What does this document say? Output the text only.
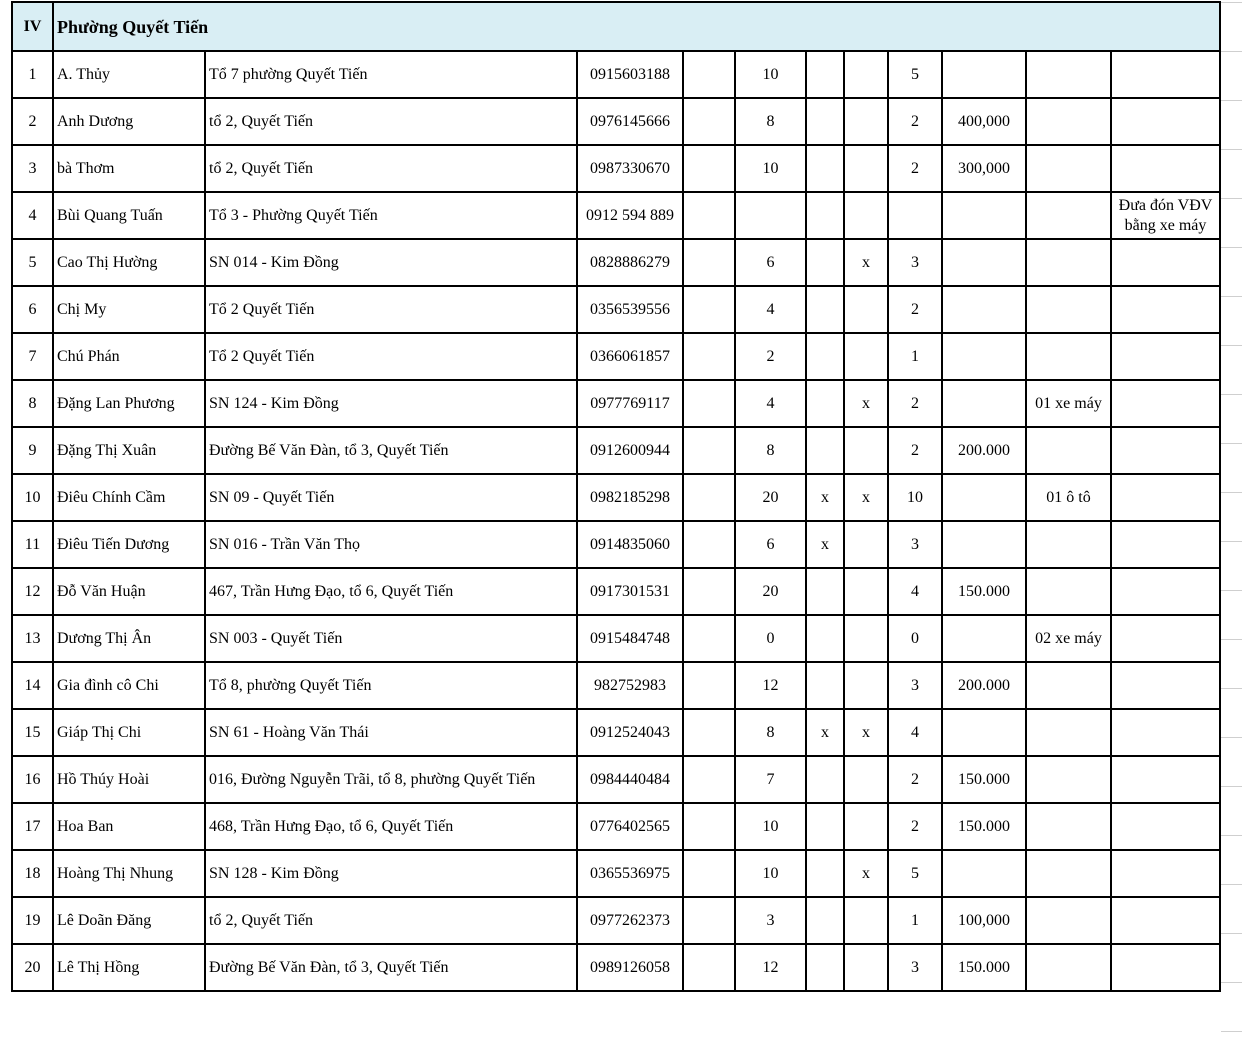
IV	Phường Quyết Tiến										
1	A. Thủy	Tổ 7 phường Quyết Tiến	0915603188		10			5			
2	Anh Dương	tổ 2, Quyết Tiến	0976145666		8			2	400,000		
3	bà Thơm	tổ 2, Quyết Tiến	0987330670		10			2	300,000		
4	Bùi Quang Tuấn	Tổ 3 - Phường Quyết Tiến	0912 594 889								Đưa đón VĐV bằng xe máy
5	Cao Thị Hường	SN 014 - Kim Đồng	0828886279		6		x	3			
6	Chị My	Tổ 2 Quyết Tiến	0356539556		4			2			
7	Chú Phán	Tổ 2 Quyết Tiến	0366061857		2			1			
8	Đặng Lan Phương	SN 124 - Kim Đồng	0977769117		4		x	2		01 xe máy	
9	Đặng Thị Xuân	Đường Bế Văn Đàn, tổ 3, Quyết Tiến	0912600944		8			2	200.000		
10	Điêu Chính Cầm	SN 09 - Quyết Tiến	0982185298		20	x	x	10		01 ô tô	
11	Điêu Tiến Dương	SN 016 - Trần Văn Thọ	0914835060		6	x		3			
12	Đỗ Văn Huận	467, Trần Hưng Đạo, tổ 6, Quyết Tiến	0917301531		20			4	150.000		
13	Dương Thị Ân	SN 003 - Quyết Tiến	0915484748		0			0		02 xe máy	
14	Gia đình cô Chi	Tổ 8, phường Quyết Tiến	982752983		12			3	200.000		
15	Giáp Thị Chi	SN 61 - Hoàng Văn Thái	0912524043		8	x	x	4			
16	Hồ Thúy Hoài	016, Đường Nguyễn Trãi, tổ 8, phường Quyết Tiến	0984440484		7			2	150.000		
17	Hoa Ban	468, Trần Hưng Đạo, tổ 6, Quyết Tiến	0776402565		10			2	150.000		
18	Hoàng Thị Nhung	SN 128 - Kim Đồng	0365536975		10		x	5			
19	Lê Doãn Đăng	tổ 2, Quyết Tiến	0977262373		3			1	100,000		
20	Lê Thị Hồng	Đường Bế Văn Đàn, tổ 3, Quyết Tiến	0989126058		12			3	150.000		
